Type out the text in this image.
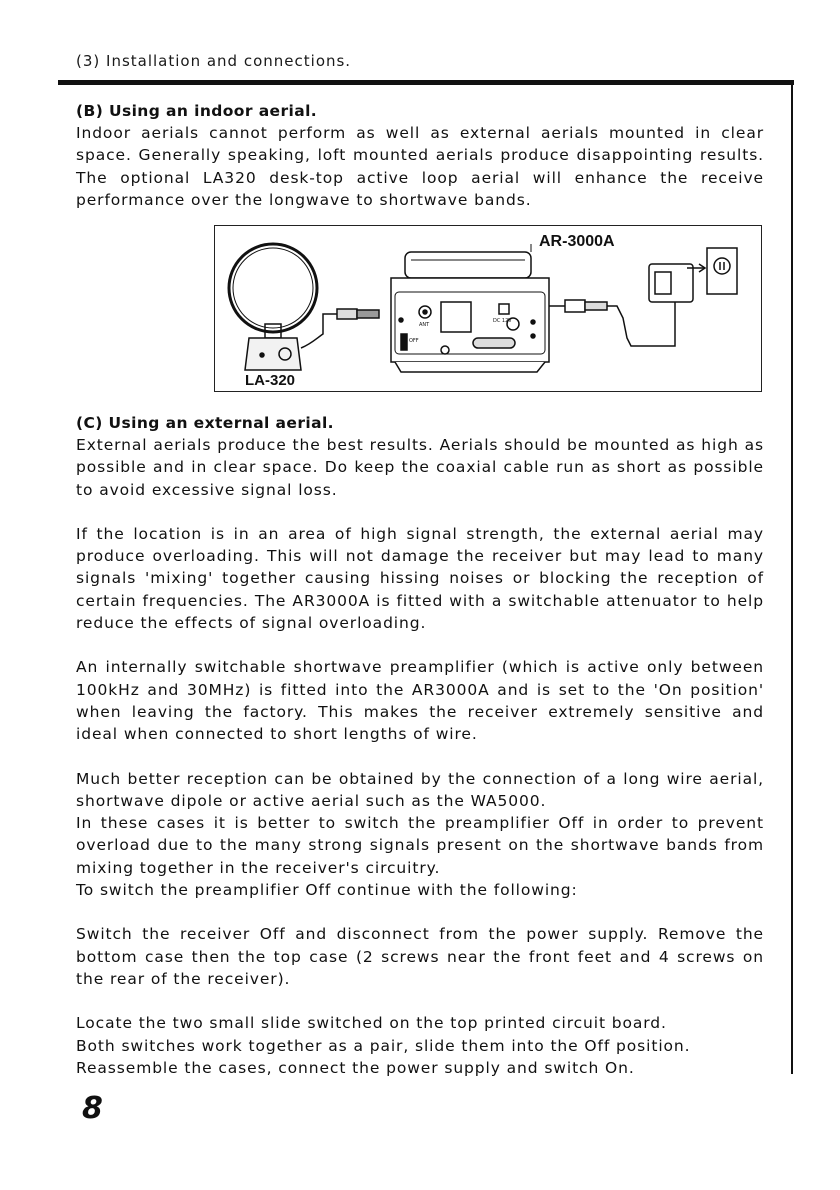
(3) Installation and connections.
(B) Using an indoor aerial.

Indoor aerials cannot perform as well as external aerials mounted in clear space. Generally speaking, loft mounted aerials produce disappointing results. The optional LA320 desk-top active loop aerial will enhance the receive performance over the longwave to shortwave bands.

AR-3000A
LA-320
ANT
OFF
DC 12V
(C) Using an external aerial.

External aerials produce the best results. Aerials should be mounted as high as possible and in clear space. Do keep the coaxial cable run as short as possible to avoid excessive signal loss.

If the location is in an area of high signal strength, the external aerial may produce overloading. This will not damage the receiver but may lead to many signals 'mixing' together causing hissing noises or blocking the reception of certain frequencies. The AR3000A is fitted with a switchable attenuator to help reduce the effects of signal overloading.

An internally switchable shortwave preamplifier (which is active only between 100kHz and 30MHz) is fitted into the AR3000A and is set to the 'On position' when leaving the factory. This makes the receiver extremely sensitive and ideal when connected to short lengths of wire.

Much better reception can be obtained by the connection of a long wire aerial, shortwave dipole or active aerial such as the WA5000.

In these cases it is better to switch the preamplifier Off in order to prevent overload due to the many strong signals present on the shortwave bands from mixing together in the receiver's circuitry.

To switch the preamplifier Off continue with the following:

Switch the receiver Off and disconnect from the power supply. Remove the bottom case then the top case (2 screws near the front feet and 4 screws on the rear of the receiver).

Locate the two small slide switched on the top printed circuit board.

Both switches work together as a pair, slide them into the Off position.

Reassemble the cases, connect the power supply and switch On.

8
